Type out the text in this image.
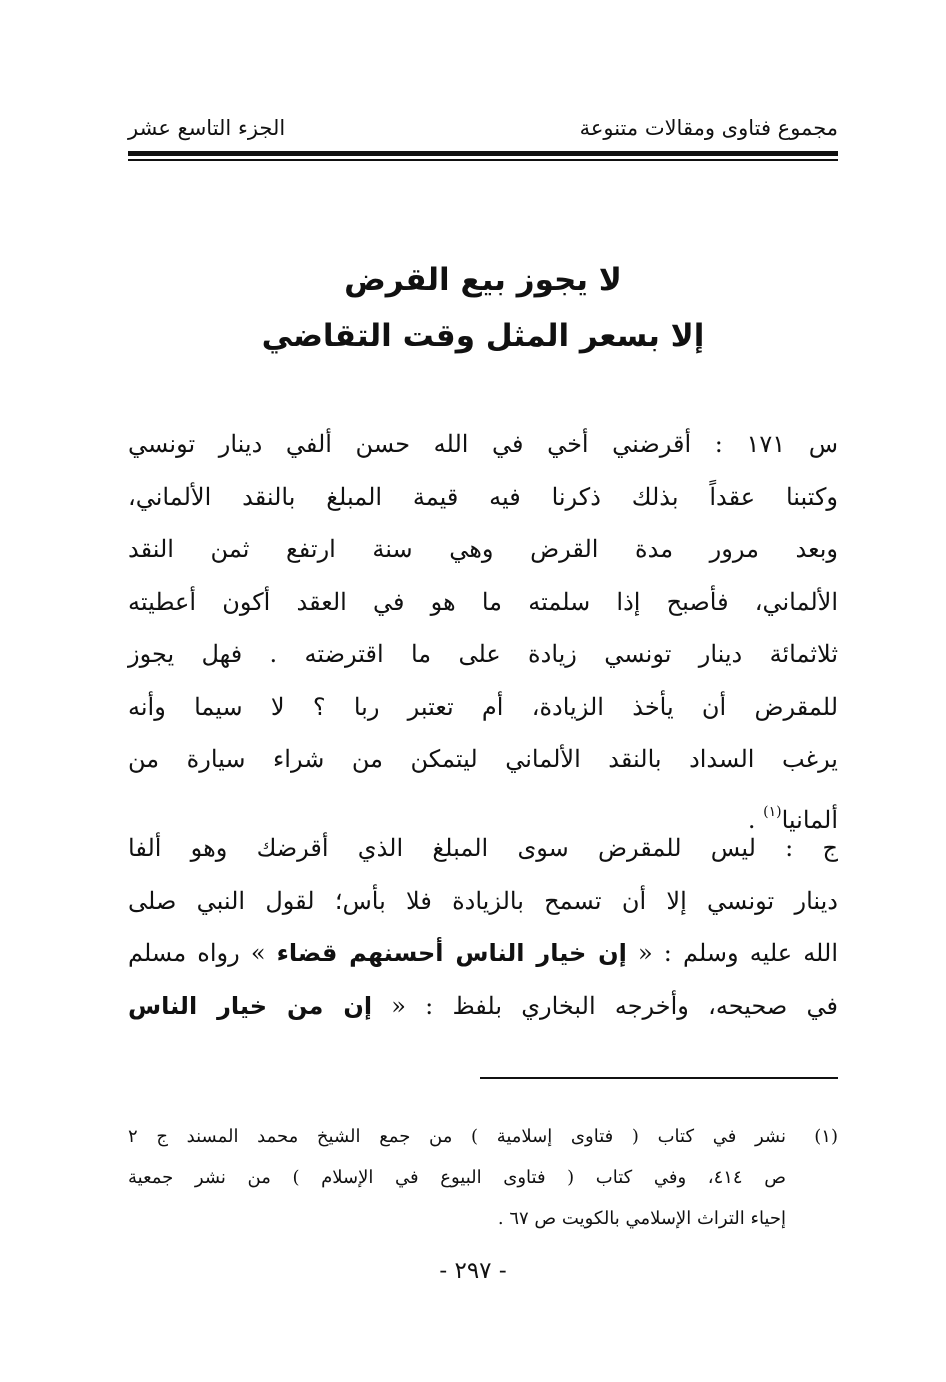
مجموع فتاوى ومقالات متنوعة
الجزء التاسع عشر
لا يجوز بيع القرض
إلا بسعر المثل وقت التقاضي
س ١٧١ : أقرضني أخي في الله حسن ألفي دينار تونسي
وكتبنا عقداً بذلك ذكرنا فيه قيمة المبلغ بالنقد الألماني،
وبعد مرور مدة القرض وهي سنة ارتفع ثمن النقد
الألماني، فأصبح إذا سلمته ما هو في العقد أكون أعطيته
ثلاثمائة دينار تونسي زيادة على ما اقترضته . فهل يجوز
للمقرض أن يأخذ الزيادة، أم تعتبر ربا ؟ لا سيما وأنه
يرغب السداد بالنقد الألماني ليتمكن من شراء سيارة من
ألمانيا$^{(١)}$ .
ج : ليس للمقرض سوى المبلغ الذي أقرضك وهو ألفا
دينار تونسي إلا أن تسمح بالزيادة فلا بأس؛ لقول النبي صلى
الله عليه وسلم : « إن خيار الناس أحسنهم قضاء » رواه مسلم
في صحيحه، وأخرجه البخاري بلفظ : « إن من خيار الناس
(١)
نشر في كتاب ( فتاوى إسلامية ) من جمع الشيخ محمد المسند ج ٢
ص ٤١٤، وفي كتاب ( فتاوى البيوع في الإسلام ) من نشر جمعية
إحياء التراث الإسلامي بالكويت ص ٦٧ .
- ٢٩٧ -
